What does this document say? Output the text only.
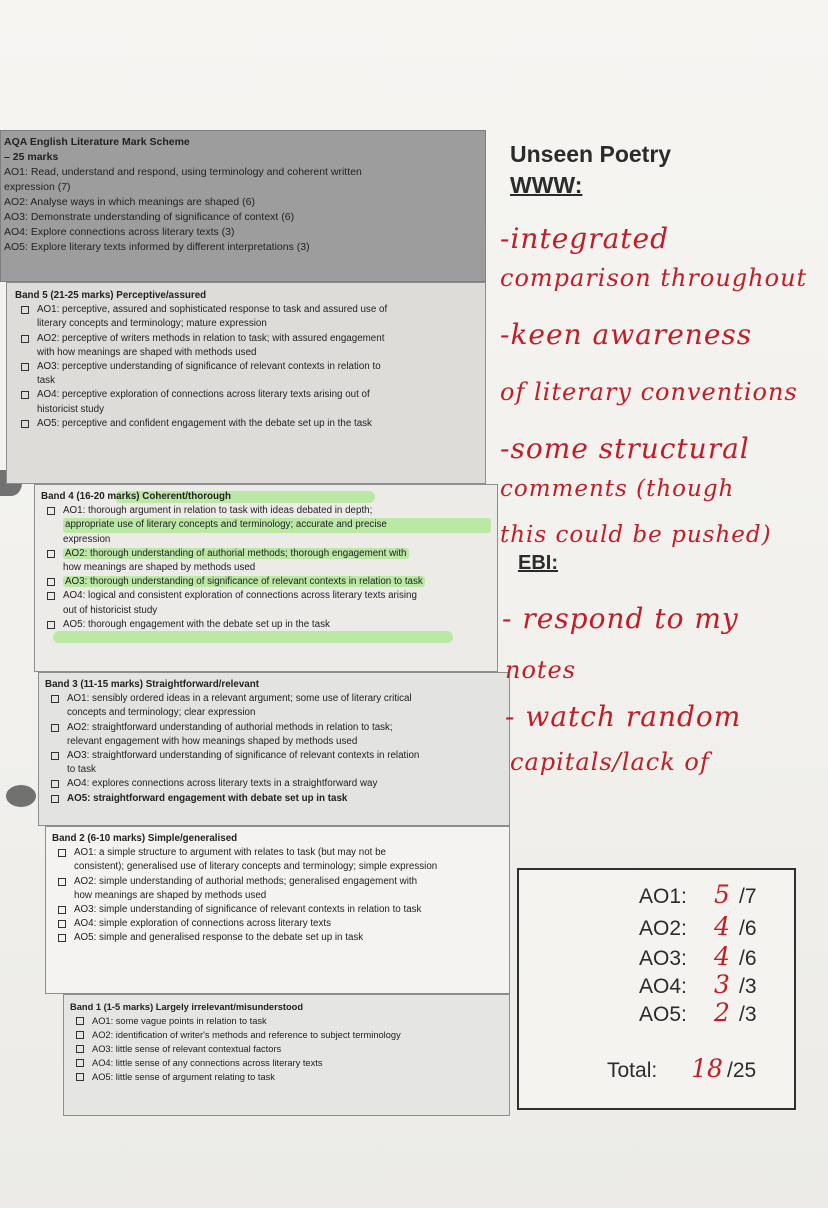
AQA English Literature Mark Scheme
– 25 marks
AO1: Read, understand and respond, using terminology and coherent written
expression (7)
AO2: Analyse ways in which meanings are shaped (6)
AO3: Demonstrate understanding of significance of context (6)
AO4: Explore connections across literary texts (3)
AO5: Explore literary texts informed by different interpretations (3)
Band 5 (21-25 marks) Perceptive/assured
AO1: perceptive, assured and sophisticated response to task and assured use of
literary concepts and terminology; mature expression
AO2: perceptive of writers methods in relation to task; with assured engagement
with how meanings are shaped with methods used
AO3: perceptive understanding of significance of relevant contexts in relation to
task
AO4: perceptive exploration of connections across literary texts arising out of
historicist study
AO5: perceptive and confident engagement with the debate set up in the task
Band 4 (16-20 marks) Coherent/thorough
AO1: thorough argument in relation to task with ideas debated in depth;
appropriate use of literary concepts and terminology; accurate and precise
expression
AO2: thorough understanding of authorial methods; thorough engagement with
how meanings are shaped by methods used
AO3: thorough understanding of significance of relevant contexts in relation to task
AO4: logical and consistent exploration of connections across literary texts arising
out of historicist study
AO5: thorough engagement with the debate set up in the task
Band 3 (11-15 marks) Straightforward/relevant
AO1: sensibly ordered ideas in a relevant argument; some use of literary critical
concepts and terminology; clear expression
AO2: straightforward understanding of authorial methods in relation to task;
relevant engagement with how meanings shaped by methods used
AO3: straightforward understanding of significance of relevant contexts in relation
to task
AO4: explores connections across literary texts in a straightforward way
AO5: straightforward engagement with debate set up in task
Band 2 (6-10 marks) Simple/generalised
AO1: a simple structure to argument with relates to task (but may not be
consistent); generalised use of literary concepts and terminology; simple expression
AO2: simple understanding of authorial methods; generalised engagement with
how meanings are shaped by methods used
AO3: simple understanding of significance of relevant contexts in relation to task
AO4: simple exploration of connections across literary texts
AO5: simple and generalised response to the debate set up in task
Band 1 (1-5 marks) Largely irrelevant/misunderstood
AO1: some vague points in relation to task
AO2: identification of writer's methods and reference to subject terminology
AO3: little sense of relevant contextual factors
AO4: little sense of any connections across literary texts
AO5: little sense of argument relating to task
Unseen Poetry
WWW:
-integrated
comparison throughout
-keen awareness
of literary conventions
-some structural
comments (though
this could be pushed)
EBI:
- respond to my
notes
- watch random
capitals/lack of
AO1: 5 /7
AO2: 4 /6
AO3: 4 /6
AO4: 3 /3
AO5: 2 /3
Total: 18 /25
